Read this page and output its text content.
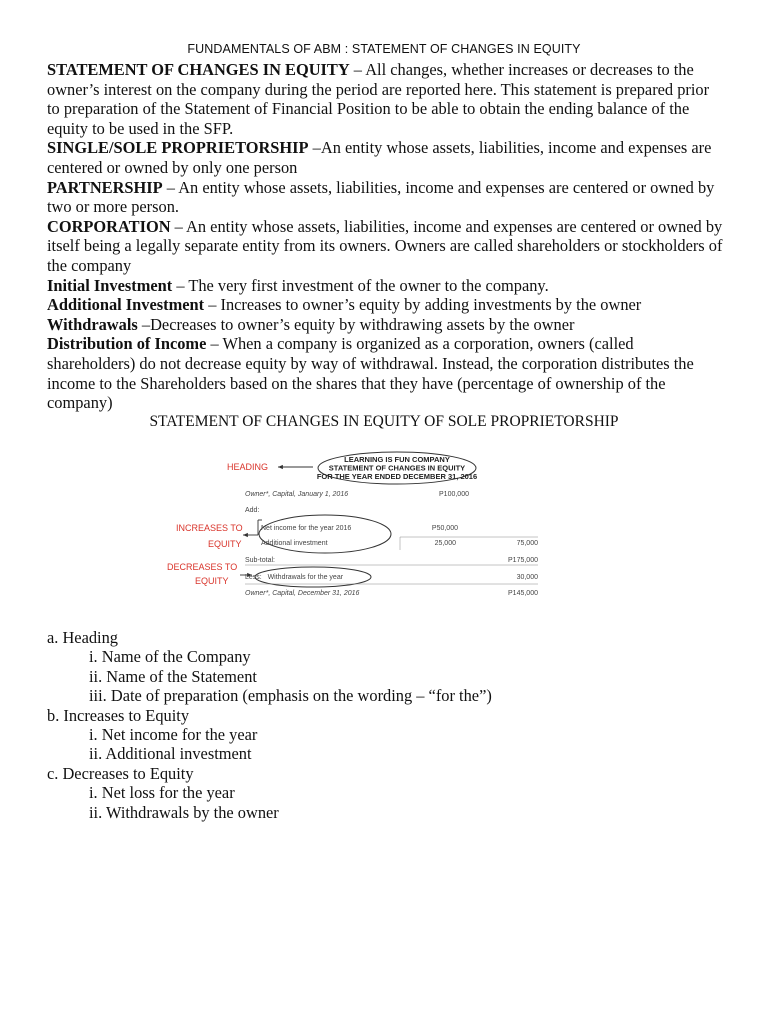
FUNDAMENTALS OF ABM : STATEMENT OF CHANGES IN EQUITY

STATEMENT OF CHANGES IN EQUITY – All changes, whether increases or decreases to the owner’s interest on the company during the period are reported here. This statement is prepared prior to preparation of the Statement of Financial Position to be able to obtain the ending balance of the equity to be used in the SFP.

SINGLE/SOLE PROPRIETORSHIP –An entity whose assets, liabilities, income and expenses are centered or owned by only one person

PARTNERSHIP – An entity whose assets, liabilities, income and expenses are centered or owned by two or more person.

CORPORATION – An entity whose assets, liabilities, income and expenses are centered or owned by itself being a legally separate entity from its owners. Owners are called shareholders or stockholders of the company

Initial Investment – The very first investment of the owner to the company.

Additional Investment – Increases to owner’s equity by adding investments by the owner

Withdrawals –Decreases to owner’s equity by withdrawing assets by the owner

Distribution of Income – When a company is organized as a corporation, owners (called shareholders) do not decrease equity by way of withdrawal. Instead, the corporation distributes the income to the Shareholders based on the shares that they have (percentage of ownership of the company)

STATEMENT OF CHANGES IN EQUITY OF SOLE PROPRIETORSHIP
HEADING
INCREASES TO
EQUITY
DECREASES TO
EQUITY
LEARNING IS FUN COMPANY
STATEMENT OF CHANGES IN EQUITY
FOR THE YEAR ENDED DECEMBER 31, 2016
Owner*, Capital, January 1, 2016	P100,000
Add:
Net income for the year 2016	P50,000
Additional investment	25,000	75,000
Sub-total:	P175,000
Less:   Withdrawals for the year	30,000
Owner*, Capital, December 31, 2016	P145,000
a. Heading
i. Name of the Company
ii. Name of the Statement
iii. Date of preparation (emphasis on the wording – “for the”)
b. Increases to Equity
i. Net income for the year
ii. Additional investment
c. Decreases to Equity
i. Net loss for the year
ii. Withdrawals by the owner
